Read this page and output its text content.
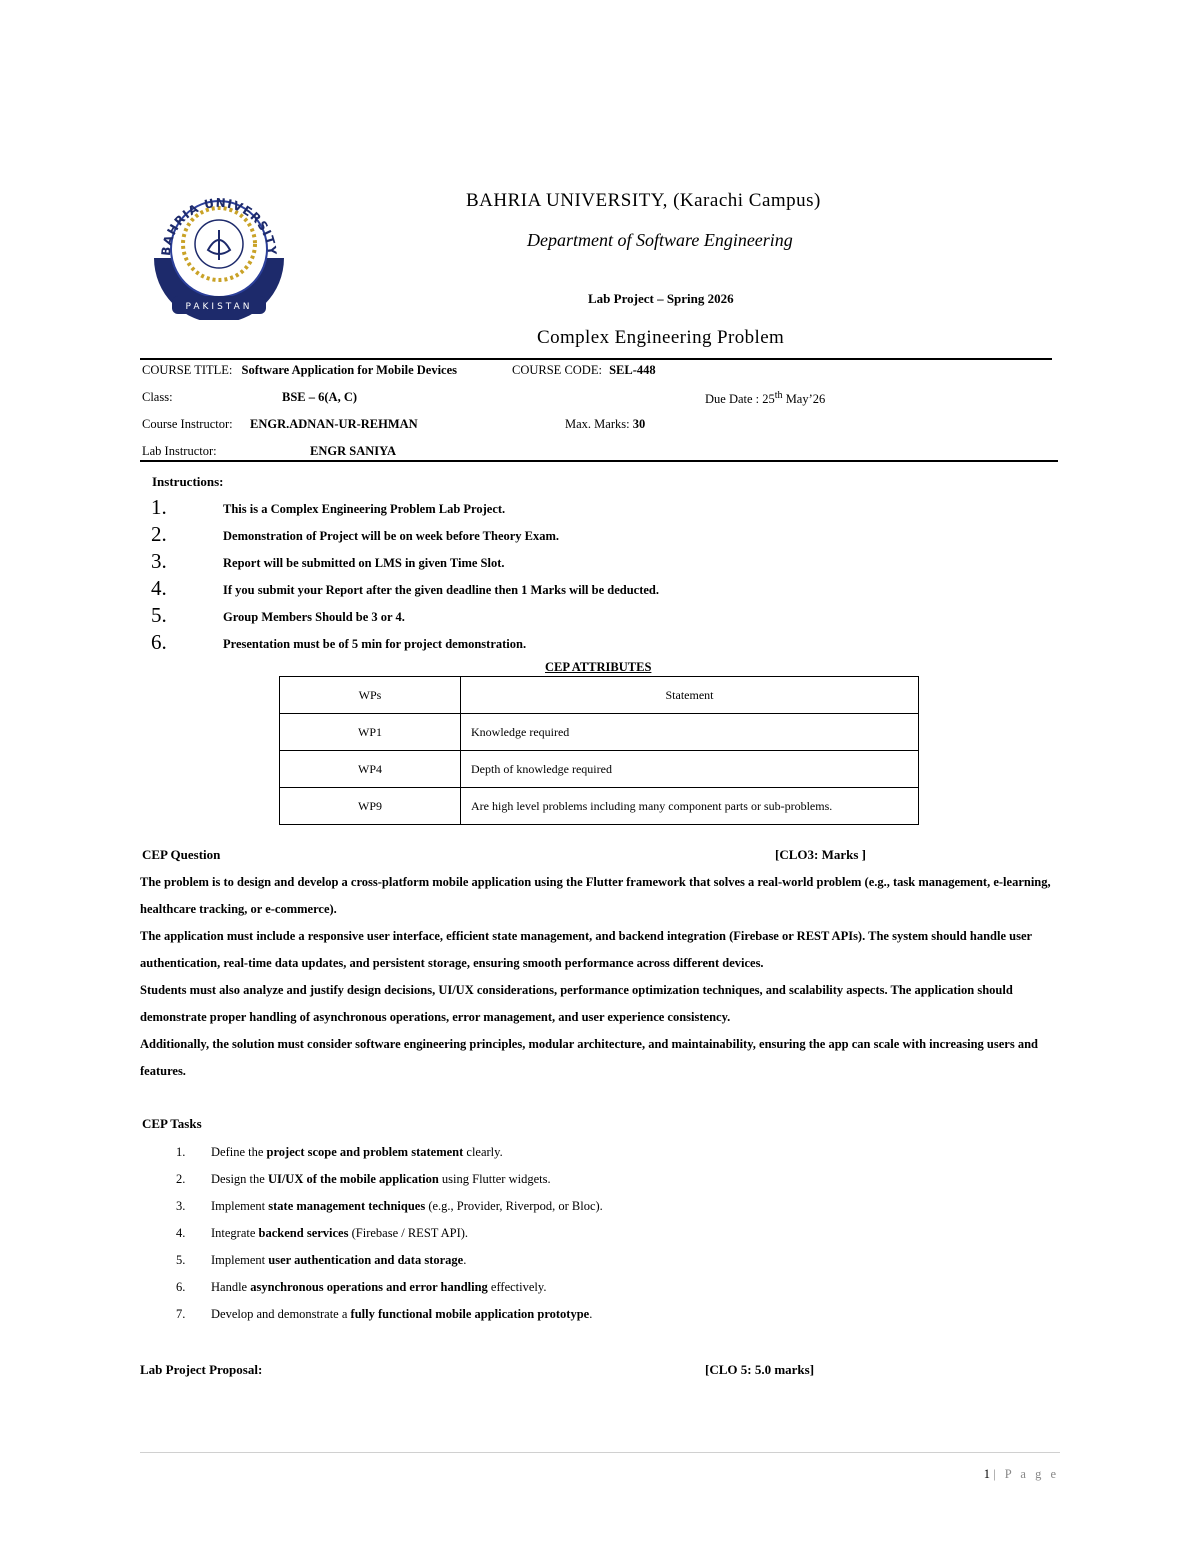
BAHRIA UNIVERSITY
PAKISTAN
BAHRIA UNIVERSITY, (Karachi Campus)
Department of Software Engineering
Lab Project – Spring 2026
Complex Engineering Problem
COURSE TITLE: Software Application for Mobile Devices	COURSE CODE: SEL-448
Class:	BSE – 6(A, C)	Due Date : 25th May’26
Course Instructor: ENGR.ADNAN-UR-REHMAN	Max. Marks: 30
Lab Instructor:	ENGR SANIYA
Instructions:
1.	This is a Complex Engineering Problem Lab Project.
2.	Demonstration of Project will be on week before Theory Exam.
3.	Report will be submitted on LMS in given Time Slot.
4.	If you submit your Report after the given deadline then 1 Marks will be deducted.
5.	Group Members Should be 3 or 4.
6.	Presentation must be of 5 min for project demonstration.
CEP ATTRIBUTES
WPs	Statement
WP1	Knowledge required
WP4	Depth of knowledge required
WP9	Are high level problems including many component parts or sub-problems.
CEP Question	[CLO3: Marks ]

The problem is to design and develop a cross-platform mobile application using the Flutter framework that solves a real-world problem (e.g., task management, e-learning, healthcare tracking, or e-commerce).

The application must include a responsive user interface, efficient state management, and backend integration (Firebase or REST APIs). The system should handle user authentication, real-time data updates, and persistent storage, ensuring smooth performance across different devices.

Students must also analyze and justify design decisions, UI/UX considerations, performance optimization techniques, and scalability aspects. The application should demonstrate proper handling of asynchronous operations, error management, and user experience consistency.

Additionally, the solution must consider software engineering principles, modular architecture, and maintainability, ensuring the app can scale with increasing users and features.

CEP Tasks
1. Define the project scope and problem statement clearly.
2. Design the UI/UX of the mobile application using Flutter widgets.
3. Implement state management techniques (e.g., Provider, Riverpod, or Bloc).
4. Integrate backend services (Firebase / REST API).
5. Implement user authentication and data storage.
6. Handle asynchronous operations and error handling effectively.
7. Develop and demonstrate a fully functional mobile application prototype.
Lab Project Proposal:	[CLO 5: 5.0 marks]
1 | P a g e
